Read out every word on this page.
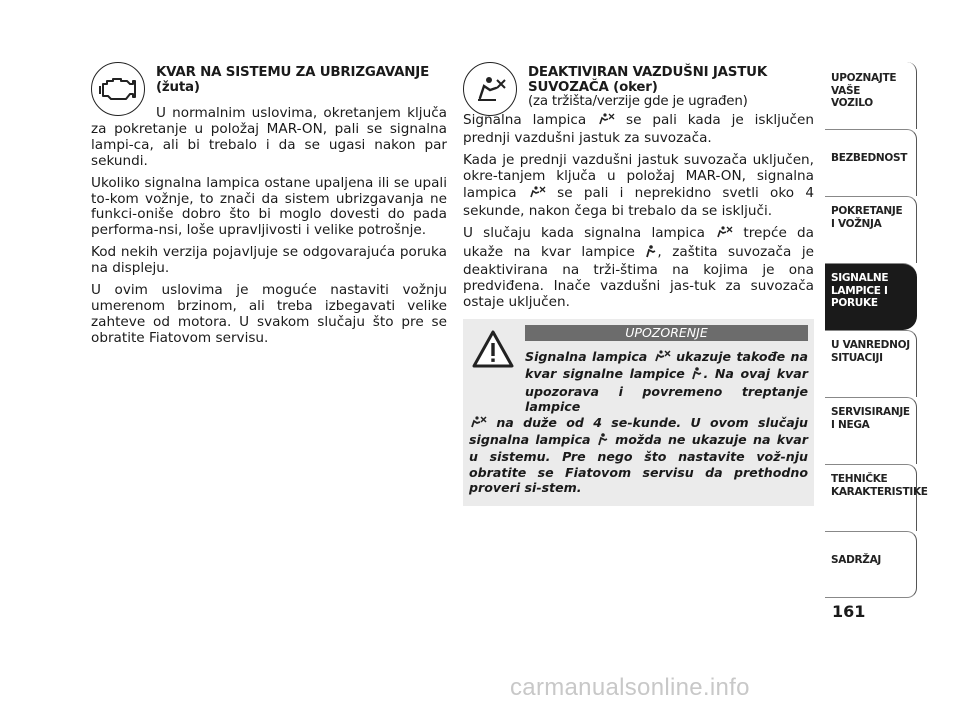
KVAR NA SISTEMU ZA UBRIZGAVANJE
(žuta)

U normalnim uslovima, okretanjem ključa za pokretanje u položaj MAR-ON, pali se signalna lampi-ca, ali bi trebalo i da se ugasi nakon par sekundi.

Ukoliko signalna lampica ostane upaljena ili se upali to-kom vožnje, to znači da sistem ubrizgavanja ne funkci-oniše dobro što bi moglo dovesti do pada performa-nsi, loše upravljivosti i velike potrošnje.

Kod nekih verzija pojavljuje se odgovarajuća poruka na displeju.

U ovim uslovima je moguće nastaviti vožnju umerenom brzinom, ali treba izbegavati velike zahteve od motora. U svakom slučaju što pre se obratite Fiatovom servisu.

DEAKTIVIRAN VAZDUŠNI JASTUK
SUVOZAČA (oker)
(za tržišta/verzije gde je ugrađen)

Signalna lampica	se pali kada je isključen prednji vazdušni jastuk za suvozača.

Kada je prednji vazdušni jastuk suvozača uključen, okre-tanjem ključa u položaj MAR-ON, signalna lampica	se pali i neprekidno svetli oko 4 sekunde, nakon čega bi trebalo da se isključi.

U slučaju kada signalna lampica	trepće da ukaže na kvar lampice , zaštita suvozača je deaktivirana na trži-štima na kojima je ona predviđena. Inače vazdušni jas-tuk za suvozača ostaje uključen.

UPOZORENJE
Signalna lampica ukazuje takođe na kvar signalne lampice . Na ovaj kvar upozorava i povremeno treptanje lampice
na duže od 4 se-kunde. U ovom slučaju signalna lampica možda ne ukazuje na kvar u sistemu. Pre nego što nastavite vož-nju obratite se Fiatovom servisu da prethodno proveri si-stem.
UPOZNAJTE
VAŠE
VOZILO
BEZBEDNOST
POKRETANJE
I VOŽNJA
SIGNALNE
LAMPICE I PORUKE
U VANREDNOJ
SITUACIJI
SERVISIRANJE
I NEGA
TEHNIČKE
KARAKTERISTIKE
SADRŽAJ
161
carmanualsonline.info
